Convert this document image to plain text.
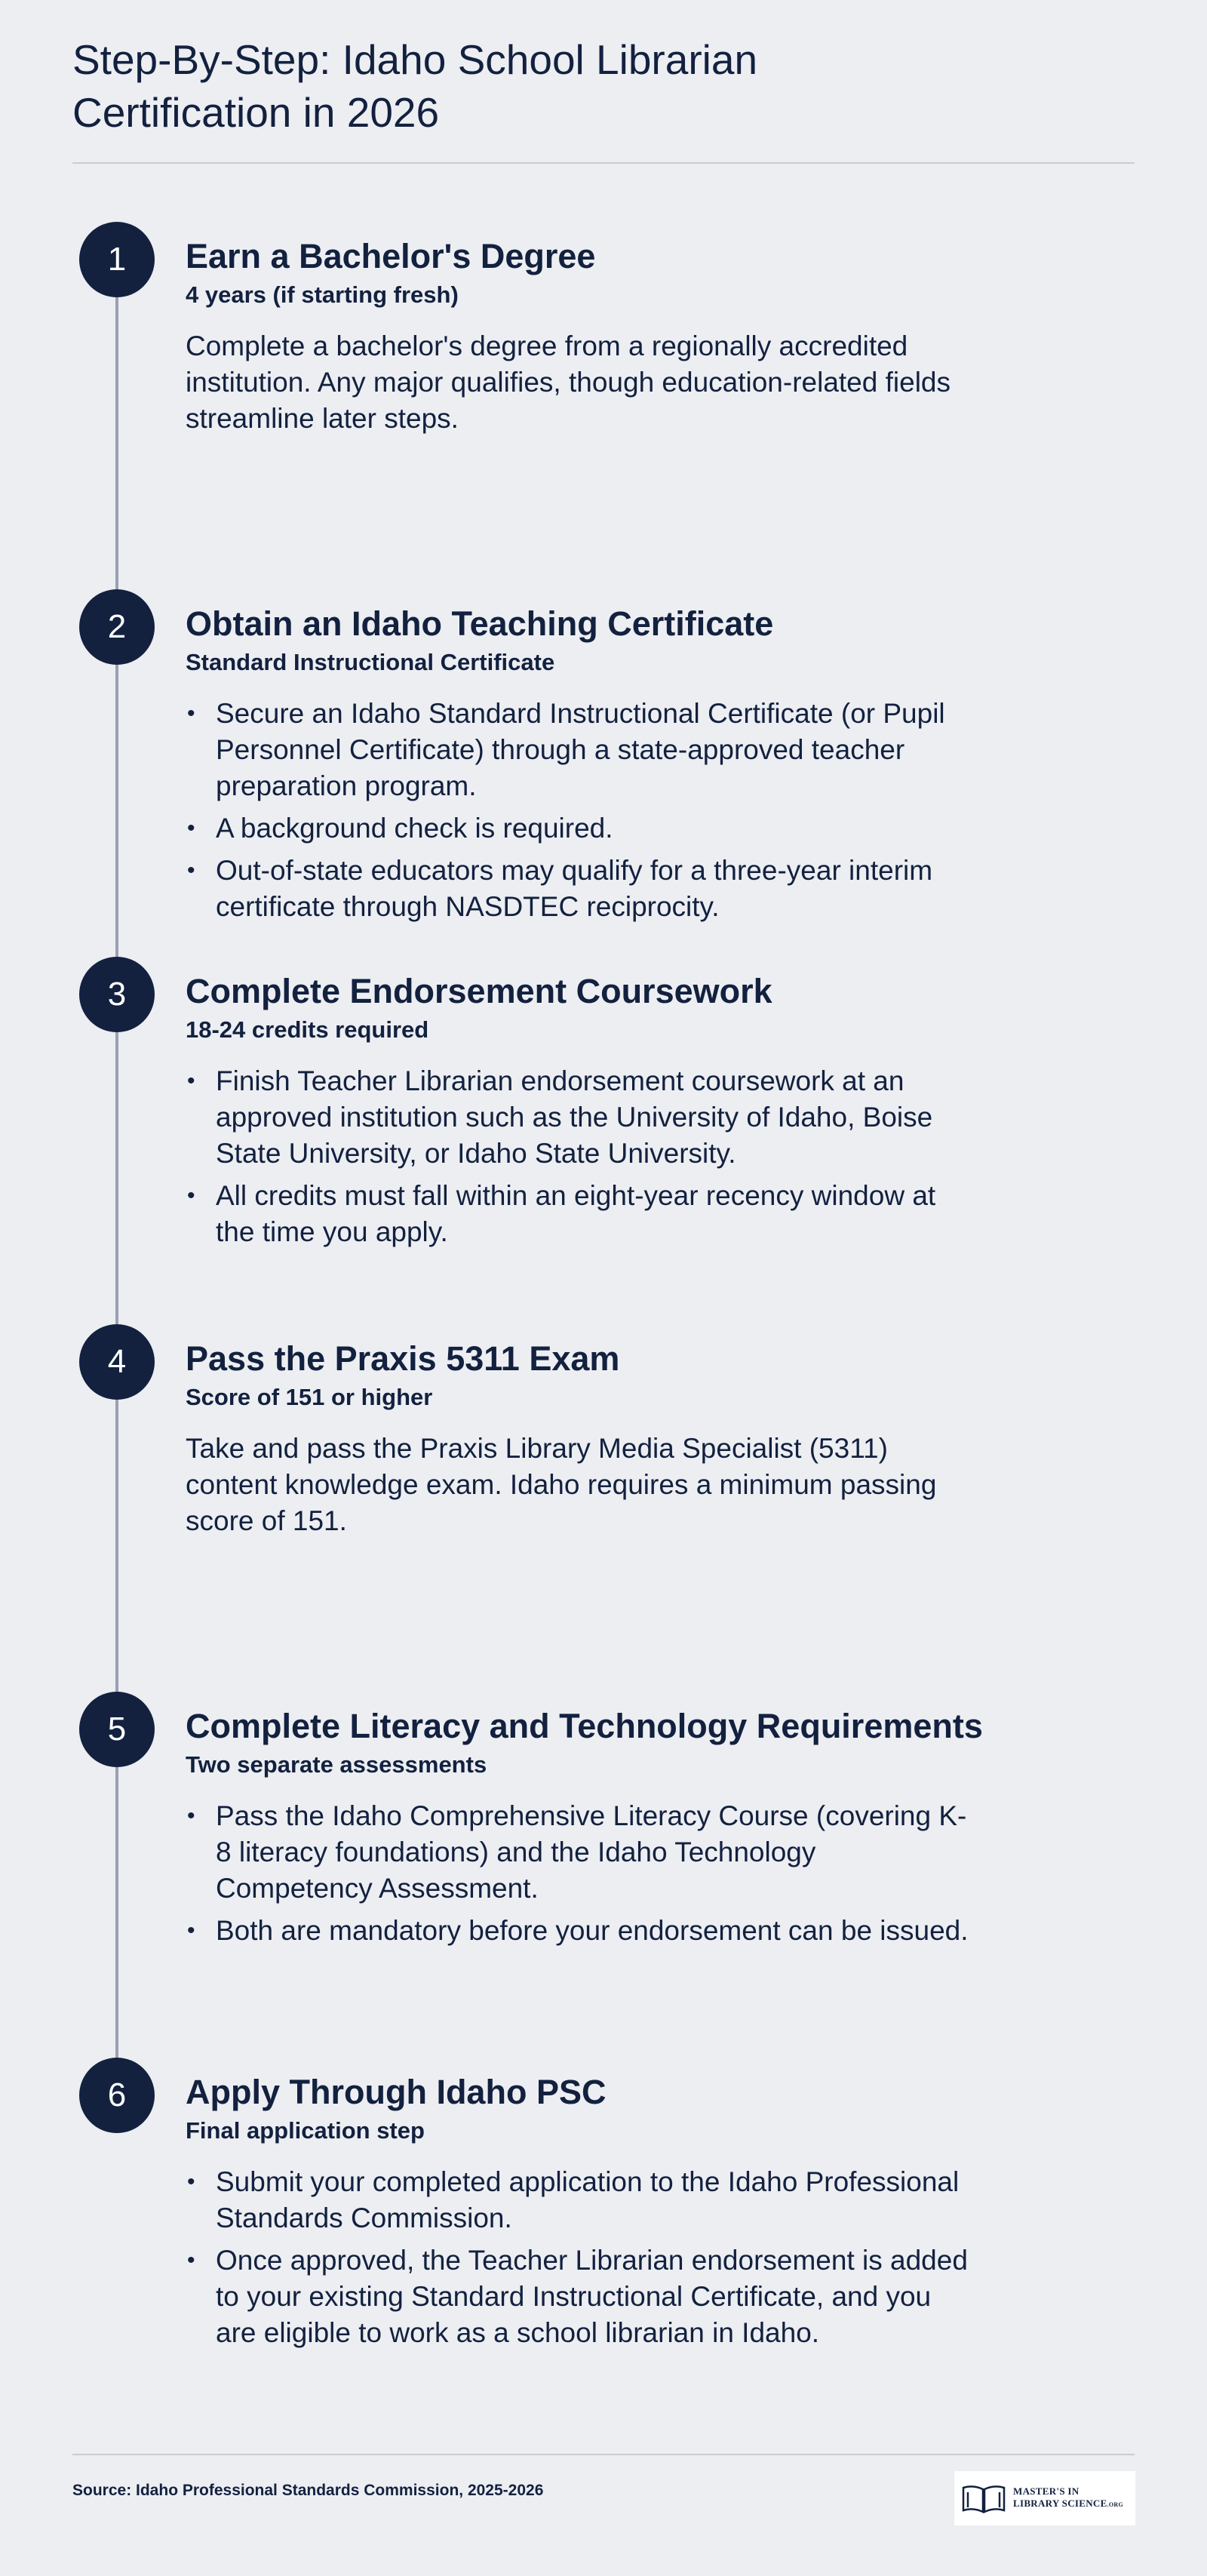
Step-By-Step: Idaho School Librarian Certification in 2026
1	Earn a Bachelor's Degree
4 years (if starting fresh)
Complete a bachelor's degree from a regionally accredited institution. Any major qualifies, though education-related fields streamline later steps.
2	Obtain an Idaho Teaching Certificate
Standard Instructional Certificate
• Secure an Idaho Standard Instructional Certificate (or Pupil Personnel Certificate) through a state-approved teacher preparation program.
• A background check is required.
• Out-of-state educators may qualify for a three-year interim certificate through NASDTEC reciprocity.
3	Complete Endorsement Coursework
18-24 credits required
• Finish Teacher Librarian endorsement coursework at an approved institution such as the University of Idaho, Boise State University, or Idaho State University.
• All credits must fall within an eight-year recency window at the time you apply.
4	Pass the Praxis 5311 Exam
Score of 151 or higher
Take and pass the Praxis Library Media Specialist (5311) content knowledge exam. Idaho requires a minimum passing score of 151.
5	Complete Literacy and Technology Requirements
Two separate assessments
• Pass the Idaho Comprehensive Literacy Course (covering K-8 literacy foundations) and the Idaho Technology Competency Assessment.
• Both are mandatory before your endorsement can be issued.
6	Apply Through Idaho PSC
Final application step
• Submit your completed application to the Idaho Professional Standards Commission.
• Once approved, the Teacher Librarian endorsement is added to your existing Standard Instructional Certificate, and you are eligible to work as a school librarian in Idaho.
Source: Idaho Professional Standards Commission, 2025-2026	MASTER'S IN
LIBRARY SCIENCE.ORG
